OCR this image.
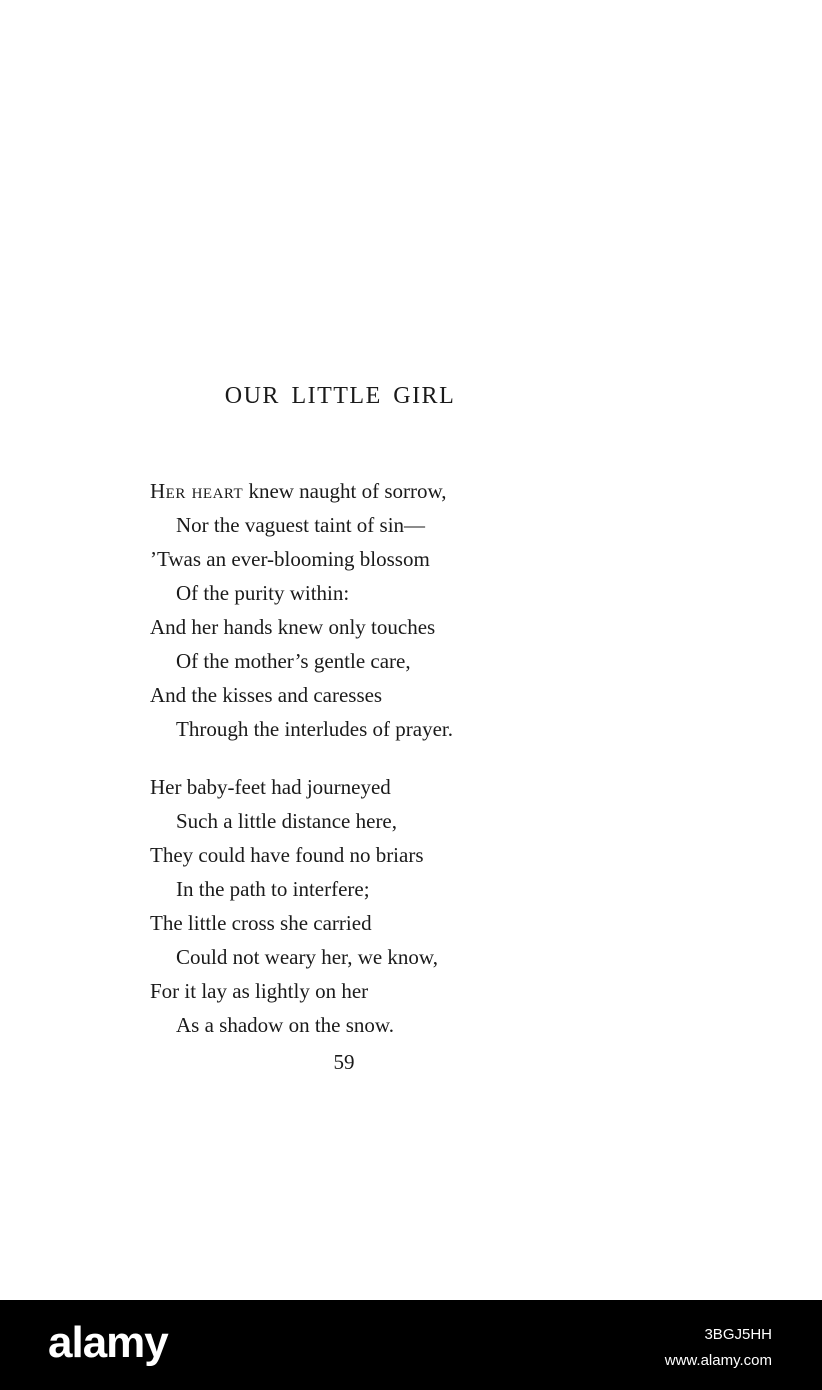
OUR LITTLE GIRL
Her heart knew naught of sorrow,
Nor the vaguest taint of sin—
’Twas an ever-blooming blossom
Of the purity within:
And her hands knew only touches
Of the mother’s gentle care,
And the kisses and caresses
Through the interludes of prayer.
Her baby-feet had journeyed
Such a little distance here,
They could have found no briars
In the path to interfere;
The little cross she carried
Could not weary her, we know,
For it lay as lightly on her
As a shadow on the snow.
59
alamy	3BGJ5HH
www.alamy.com
